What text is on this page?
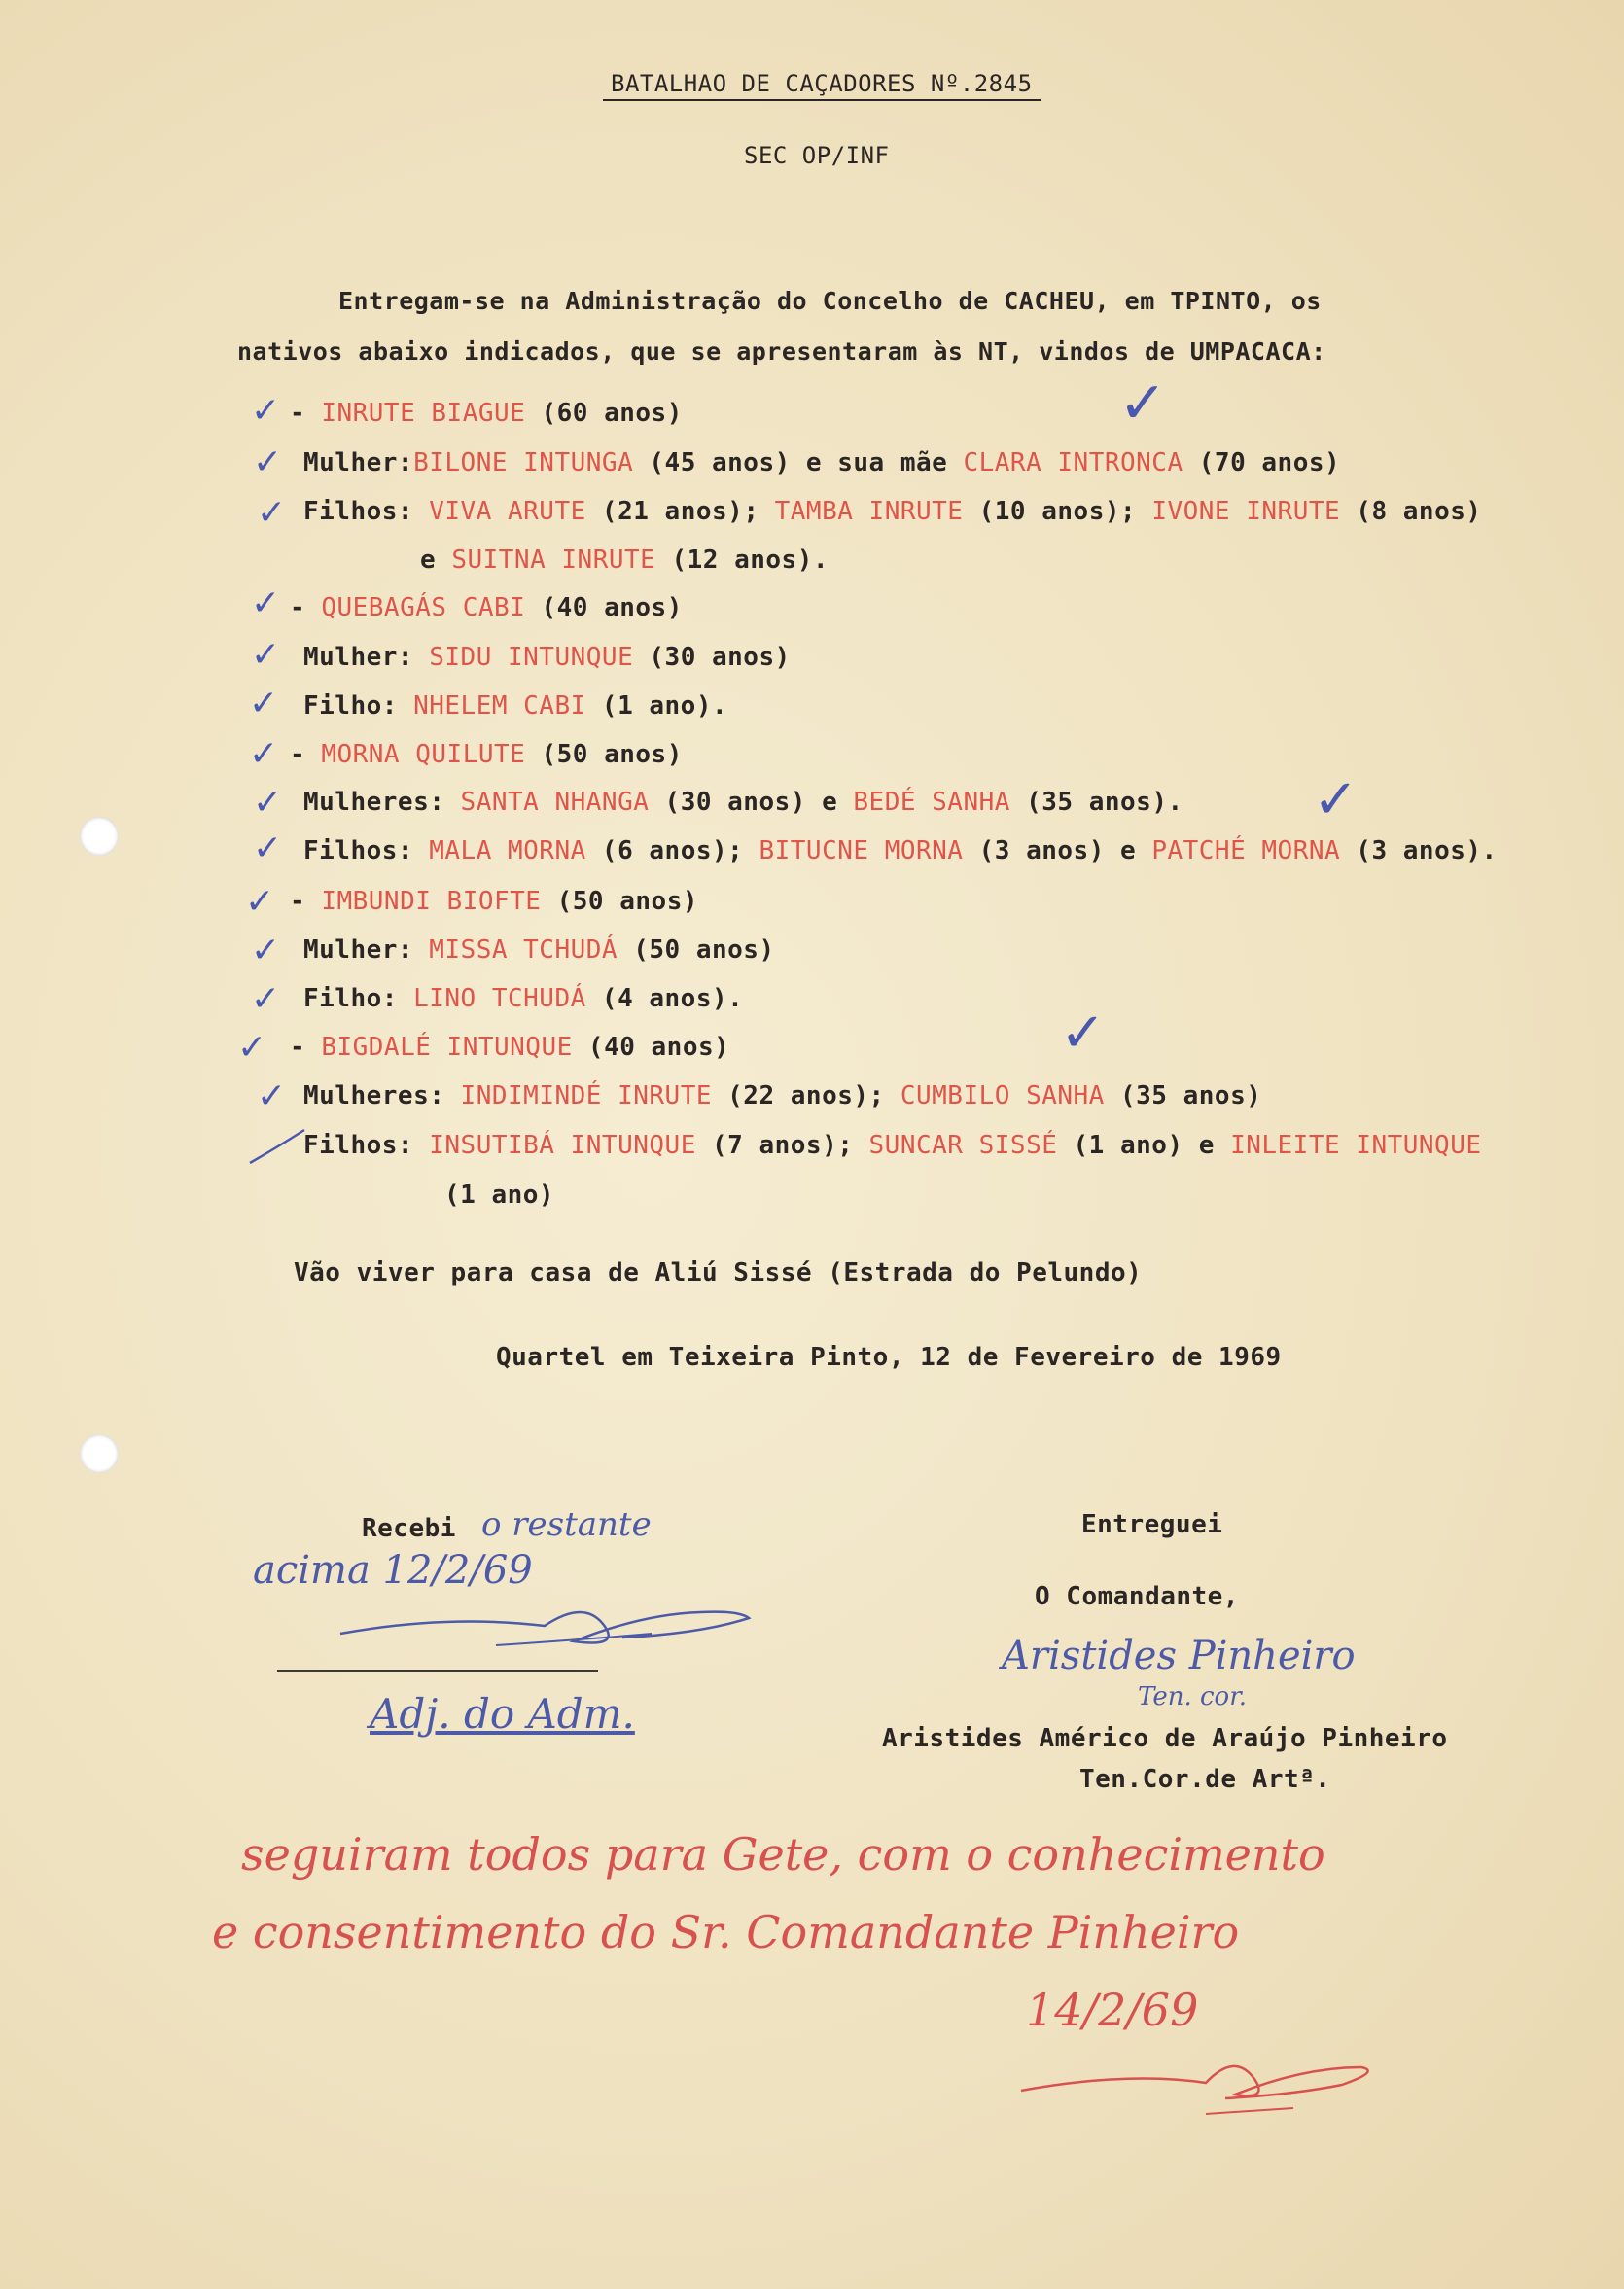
BATALHAO DE CAÇADORES Nº.2845
SEC OP/INF
Entregam-se na Administração do Concelho de CACHEU, em TPINTO, os
nativos abaixo indicados, que se apresentaram às NT, vindos de UMPACACA:
- INRUTE BIAGUE (60 anos)
Mulher:BILONE INTUNGA (45 anos) e sua mãe CLARA INTRONCA (70 anos)
Filhos: VIVA ARUTE (21 anos); TAMBA INRUTE (10 anos); IVONE INRUTE (8 anos)
e SUITNA INRUTE (12 anos).
- QUEBAGÁS CABI (40 anos)
Mulher: SIDU INTUNQUE (30 anos)
Filho: NHELEM CABI (1 ano).
- MORNA QUILUTE (50 anos)
Mulheres: SANTA NHANGA (30 anos) e BEDÉ SANHA (35 anos).
Filhos: MALA MORNA (6 anos); BITUCNE MORNA (3 anos) e PATCHÉ MORNA (3 anos).
- IMBUNDI BIOFTE (50 anos)
Mulher: MISSA TCHUDÁ (50 anos)
Filho: LINO TCHUDÁ (4 anos).
- BIGDALÉ INTUNQUE (40 anos)
Mulheres: INDIMINDÉ INRUTE (22 anos); CUMBILO SANHA (35 anos)
Filhos: INSUTIBÁ INTUNQUE (7 anos); SUNCAR SISSÉ (1 ano) e INLEITE INTUNQUE
(1 ano)
✓
✓
✓
✓
✓
✓
✓
✓
✓
✓
✓
✓
✓
✓
✓
✓
✓
Vão viver para casa de Aliú Sissé (Estrada do Pelundo)
Quartel em Teixeira Pinto, 12 de Fevereiro de 1969
Recebi o restante
acima 12/2/69
Adj. do Adm.
Entreguei
O Comandante,
Aristides Pinheiro
Ten. cor.
Aristides Américo de Araújo Pinheiro
Ten.Cor.de Artª.
seguiram todos para Gete, com o conhecimento
e consentimento do Sr. Comandante Pinheiro
14/2/69
